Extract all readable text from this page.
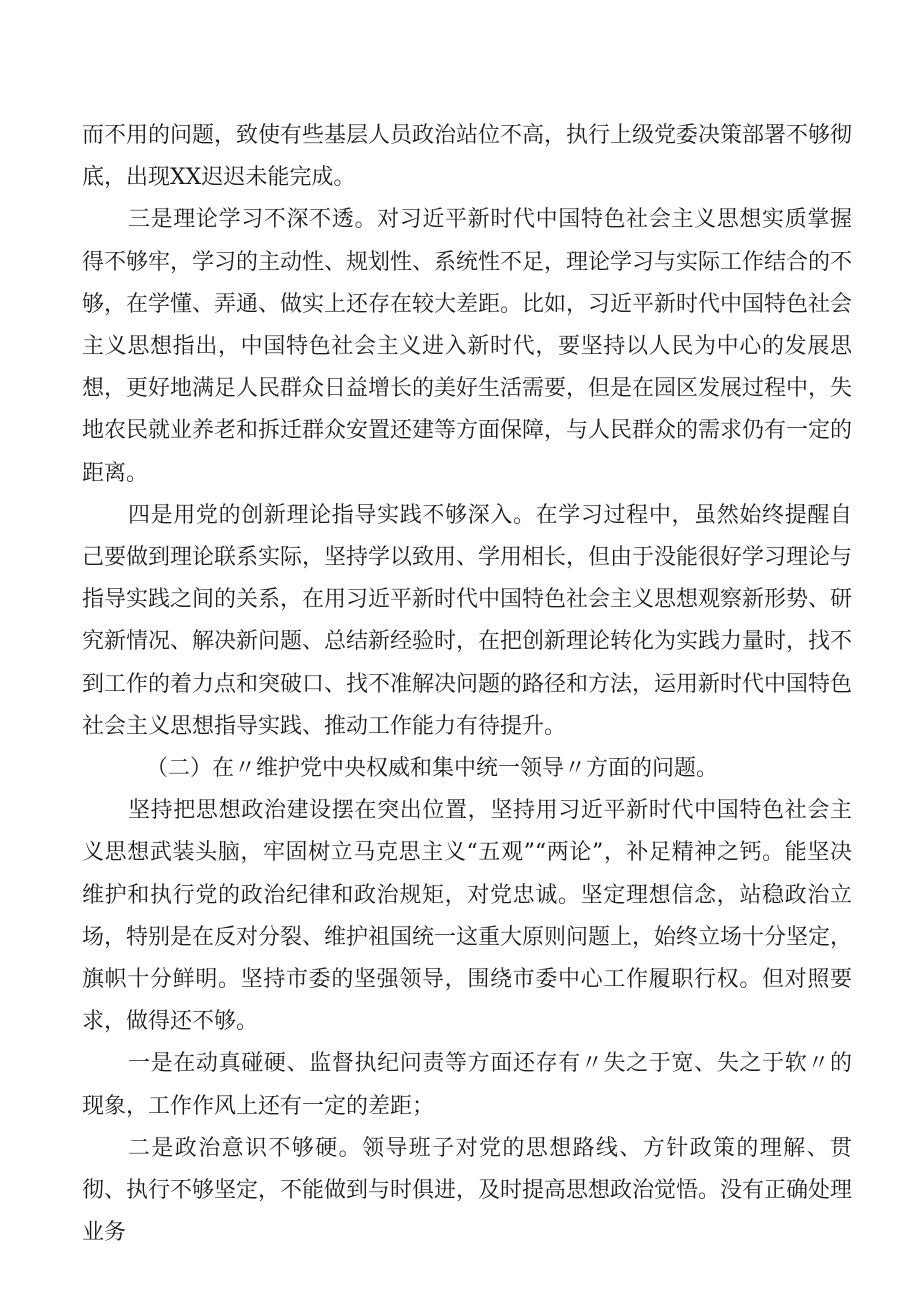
而不用的问题，致使有些基层人员政治站位不高，执行上级党委决策部署不够彻底，出现XX迟迟未能完成。

三是理论学习不深不透。对习近平新时代中国特色社会主义思想实质掌握得不够牢，学习的主动性、规划性、系统性不足，理论学习与实际工作结合的不够，在学懂、弄通、做实上还存在较大差距。比如，习近平新时代中国特色社会主义思想指出，中国特色社会主义进入新时代，要坚持以人民为中心的发展思想，更好地满足人民群众日益增长的美好生活需要，但是在园区发展过程中，失地农民就业养老和拆迁群众安置还建等方面保障，与人民群众的需求仍有一定的距离。

四是用党的创新理论指导实践不够深入。在学习过程中，虽然始终提醒自己要做到理论联系实际，坚持学以致用、学用相长，但由于没能很好学习理论与指导实践之间的关系，在用习近平新时代中国特色社会主义思想观察新形势、研究新情况、解决新问题、总结新经验时，在把创新理论转化为实践力量时，找不到工作的着力点和突破口、找不准解决问题的路径和方法，运用新时代中国特色社会主义思想指导实践、推动工作能力有待提升。

（二）在〃维护党中央权威和集中统一领导〃方面的问题。

坚持把思想政治建设摆在突出位置，坚持用习近平新时代中国特色社会主义思想武装头脑，牢固树立马克思主义“五观”“两论”，补足精神之钙。能坚决维护和执行党的政治纪律和政治规矩，对党忠诚。坚定理想信念，站稳政治立场，特别是在反对分裂、维护祖国统一这重大原则问题上，始终立场十分坚定，旗帜十分鲜明。坚持市委的坚强领导，围绕市委中心工作履职行权。但对照要求，做得还不够。

一是在动真碰硬、监督执纪问责等方面还存有〃失之于宽、失之于软〃的现象，工作作风上还有一定的差距；

二是政治意识不够硬。领导班子对党的思想路线、方针政策的理解、贯彻、执行不够坚定，不能做到与时俱进，及时提高思想政治觉悟。没有正确处理业务
